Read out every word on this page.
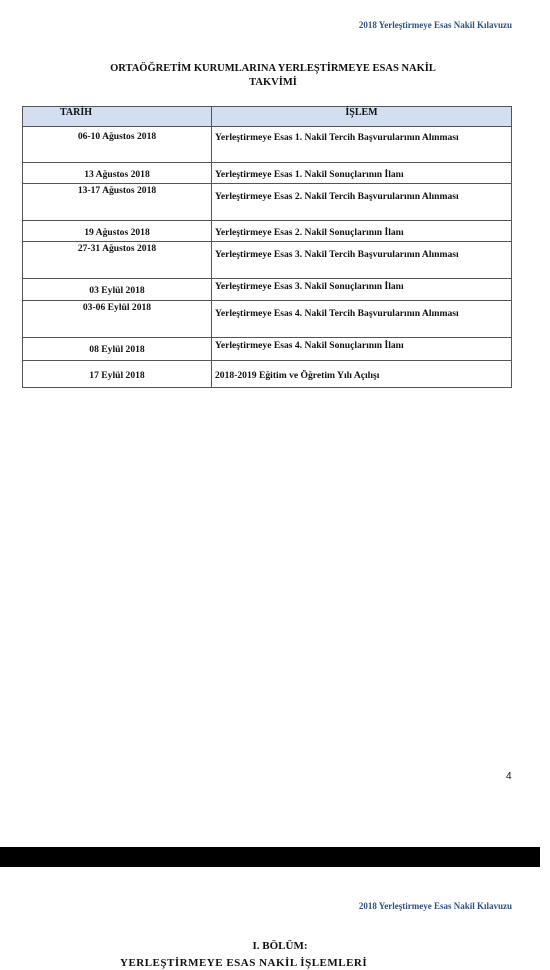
2018 Yerleştirmeye Esas Nakil Kılavuzu
ORTAÖĞRETİM KURUMLARINA YERLEŞTİRMEYE ESAS NAKİL
TAKVİMİ
TARİH	İŞLEM
06-10 Ağustos 2018	Yerleştirmeye Esas 1. Nakil Tercih Başvurularının Alınması
13 Ağustos 2018	Yerleştirmeye Esas 1. Nakil Sonuçlarının İlanı
13-17 Ağustos 2018	Yerleştirmeye Esas 2. Nakil Tercih Başvurularının Alınması
19 Ağustos 2018	Yerleştirmeye Esas 2. Nakil Sonuçlarının İlanı
27-31 Ağustos 2018	Yerleştirmeye Esas 3. Nakil Tercih Başvurularının Alınması
03 Eylül 2018	Yerleştirmeye Esas 3. Nakil Sonuçlarının İlanı
03-06 Eylül 2018	Yerleştirmeye Esas 4. Nakil Tercih Başvurularının Alınması
08 Eylül 2018	Yerleştirmeye Esas 4. Nakil Sonuçlarının İlanı
17 Eylül 2018	2018-2019 Eğitim ve Öğretim Yılı Açılışı
4
2018 Yerleştirmeye Esas Nakil Kılavuzu
I. BÖLÜM:
YERLEŞTİRMEYE ESAS NAKİL İŞLEMLERİ
